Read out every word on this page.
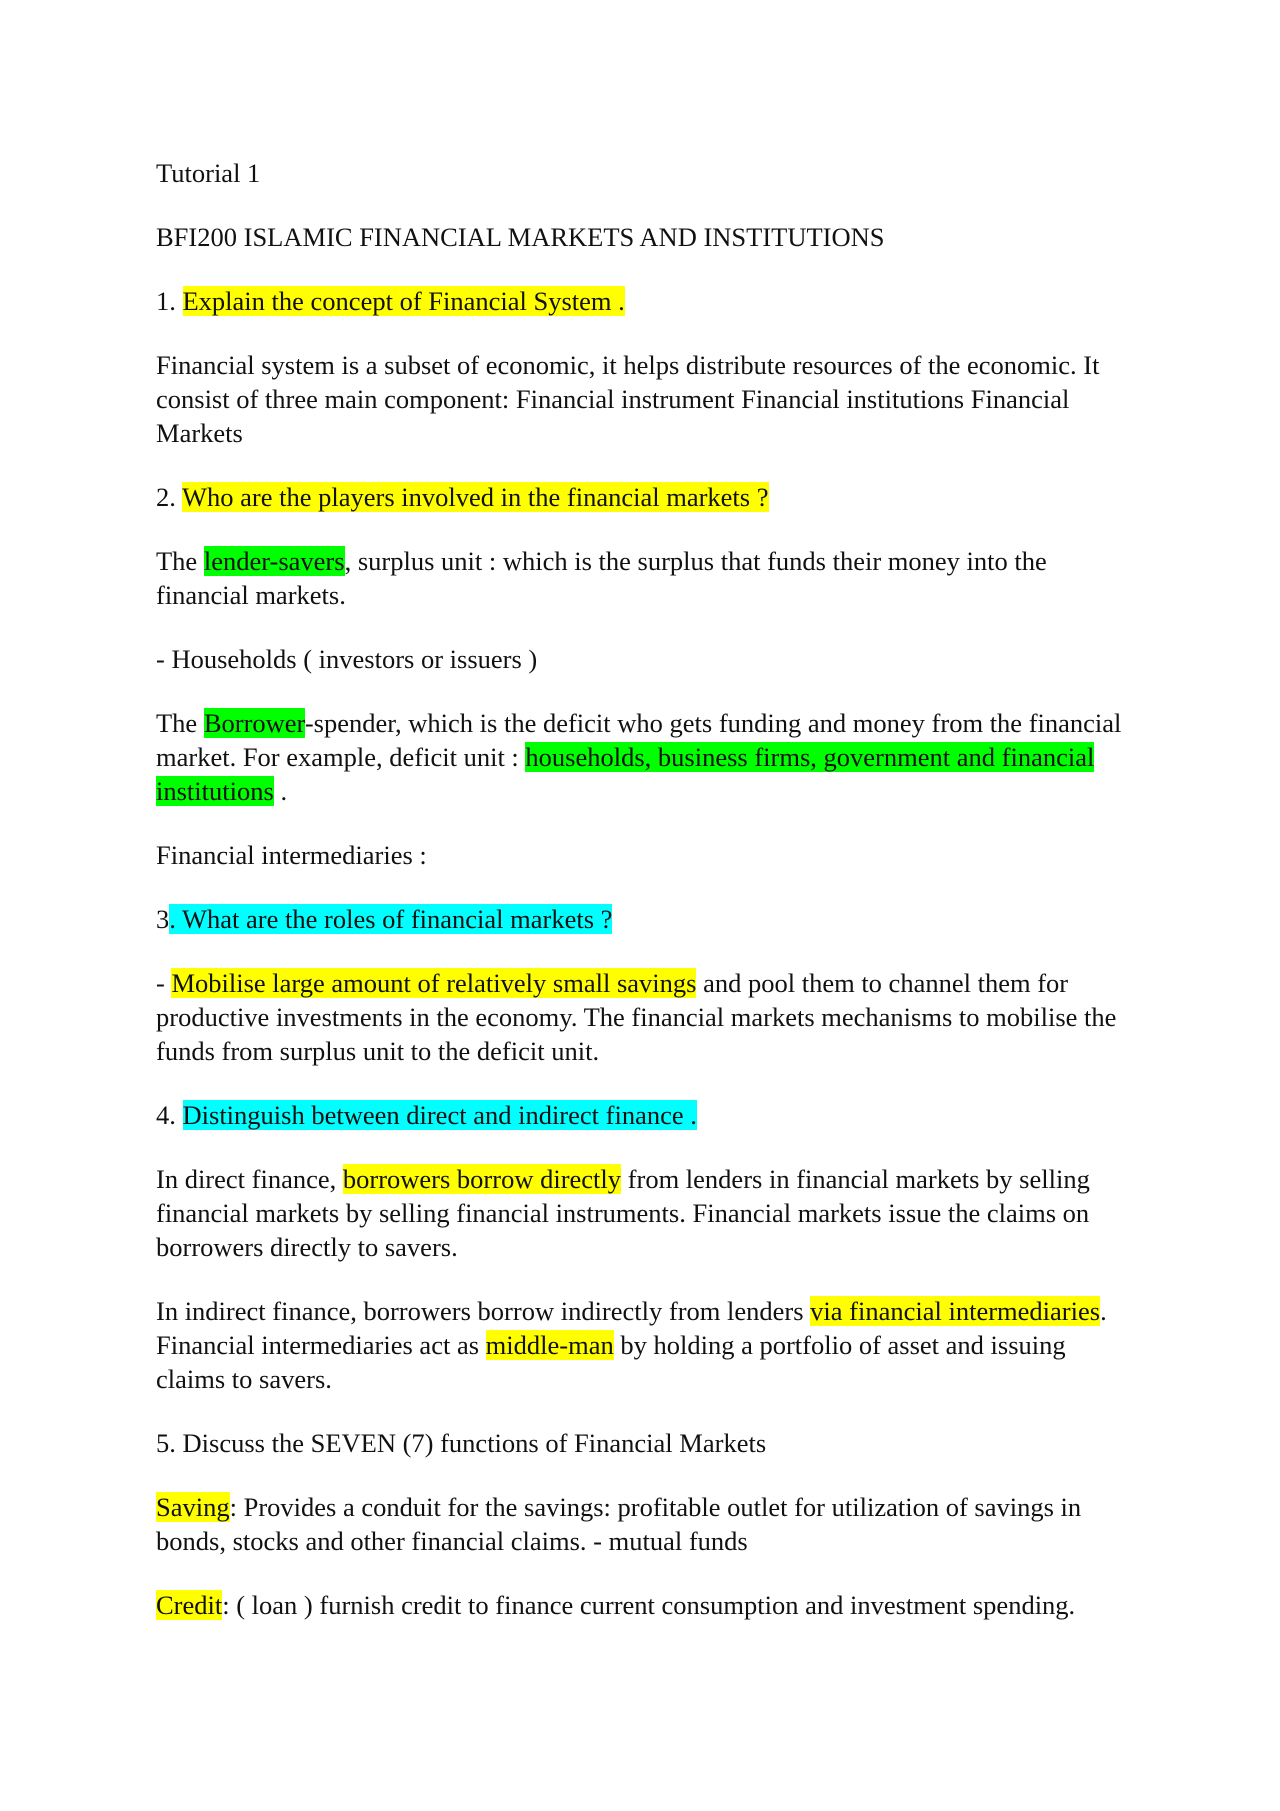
Tutorial 1

BFI200 ISLAMIC FINANCIAL MARKETS AND INSTITUTIONS

1. Explain the concept of Financial System .

Financial system is a subset of economic, it helps distribute resources of the economic. It consist of three main component: Financial instrument Financial institutions Financial Markets

2. Who are the players involved in the financial markets ?

The lender-savers, surplus unit : which is the surplus that funds their money into the financial markets.

- Households ( investors or issuers )

The Borrower-spender, which is the deficit who gets funding and money from the financial market. For example, deficit unit : households, business firms, government and financial institutions .

Financial intermediaries :

3. What are the roles of financial markets ?

- Mobilise large amount of relatively small savings and pool them to channel them for productive investments in the economy. The financial markets mechanisms to mobilise the funds from surplus unit to the deficit unit.

4. Distinguish between direct and indirect finance .

In direct finance, borrowers borrow directly from lenders in financial markets by selling financial markets by selling financial instruments. Financial markets issue the claims on borrowers directly to savers.

In indirect finance, borrowers borrow indirectly from lenders via financial intermediaries. Financial intermediaries act as middle-man by holding a portfolio of asset and issuing claims to savers.

5. Discuss the SEVEN (7) functions of Financial Markets

Saving: Provides a conduit for the savings: profitable outlet for utilization of savings in bonds, stocks and other financial claims. - mutual funds

Credit: ( loan ) furnish credit to finance current consumption and investment spending.
